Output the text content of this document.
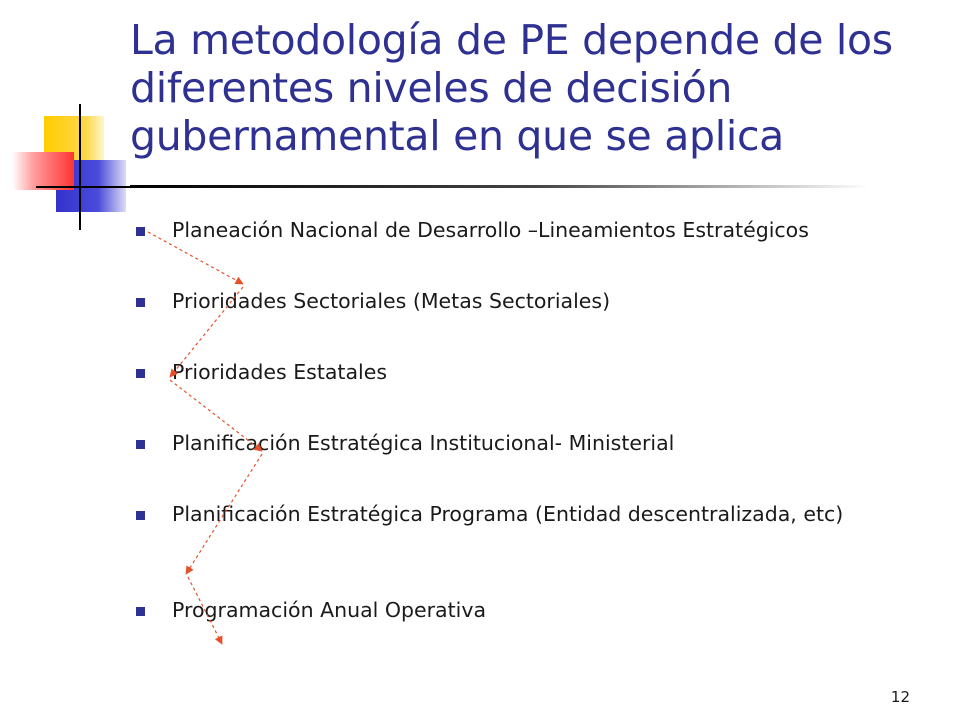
La metodología de PE depende de los diferentes niveles de decisión gubernamental en que se aplica
Planeación Nacional de Desarrollo –Lineamientos Estratégicos
Prioridades Sectoriales (Metas Sectoriales)
Prioridades Estatales
Planificación Estratégica Institucional- Ministerial
Planificación Estratégica Programa (Entidad descentralizada, etc)
Programación Anual Operativa
12
